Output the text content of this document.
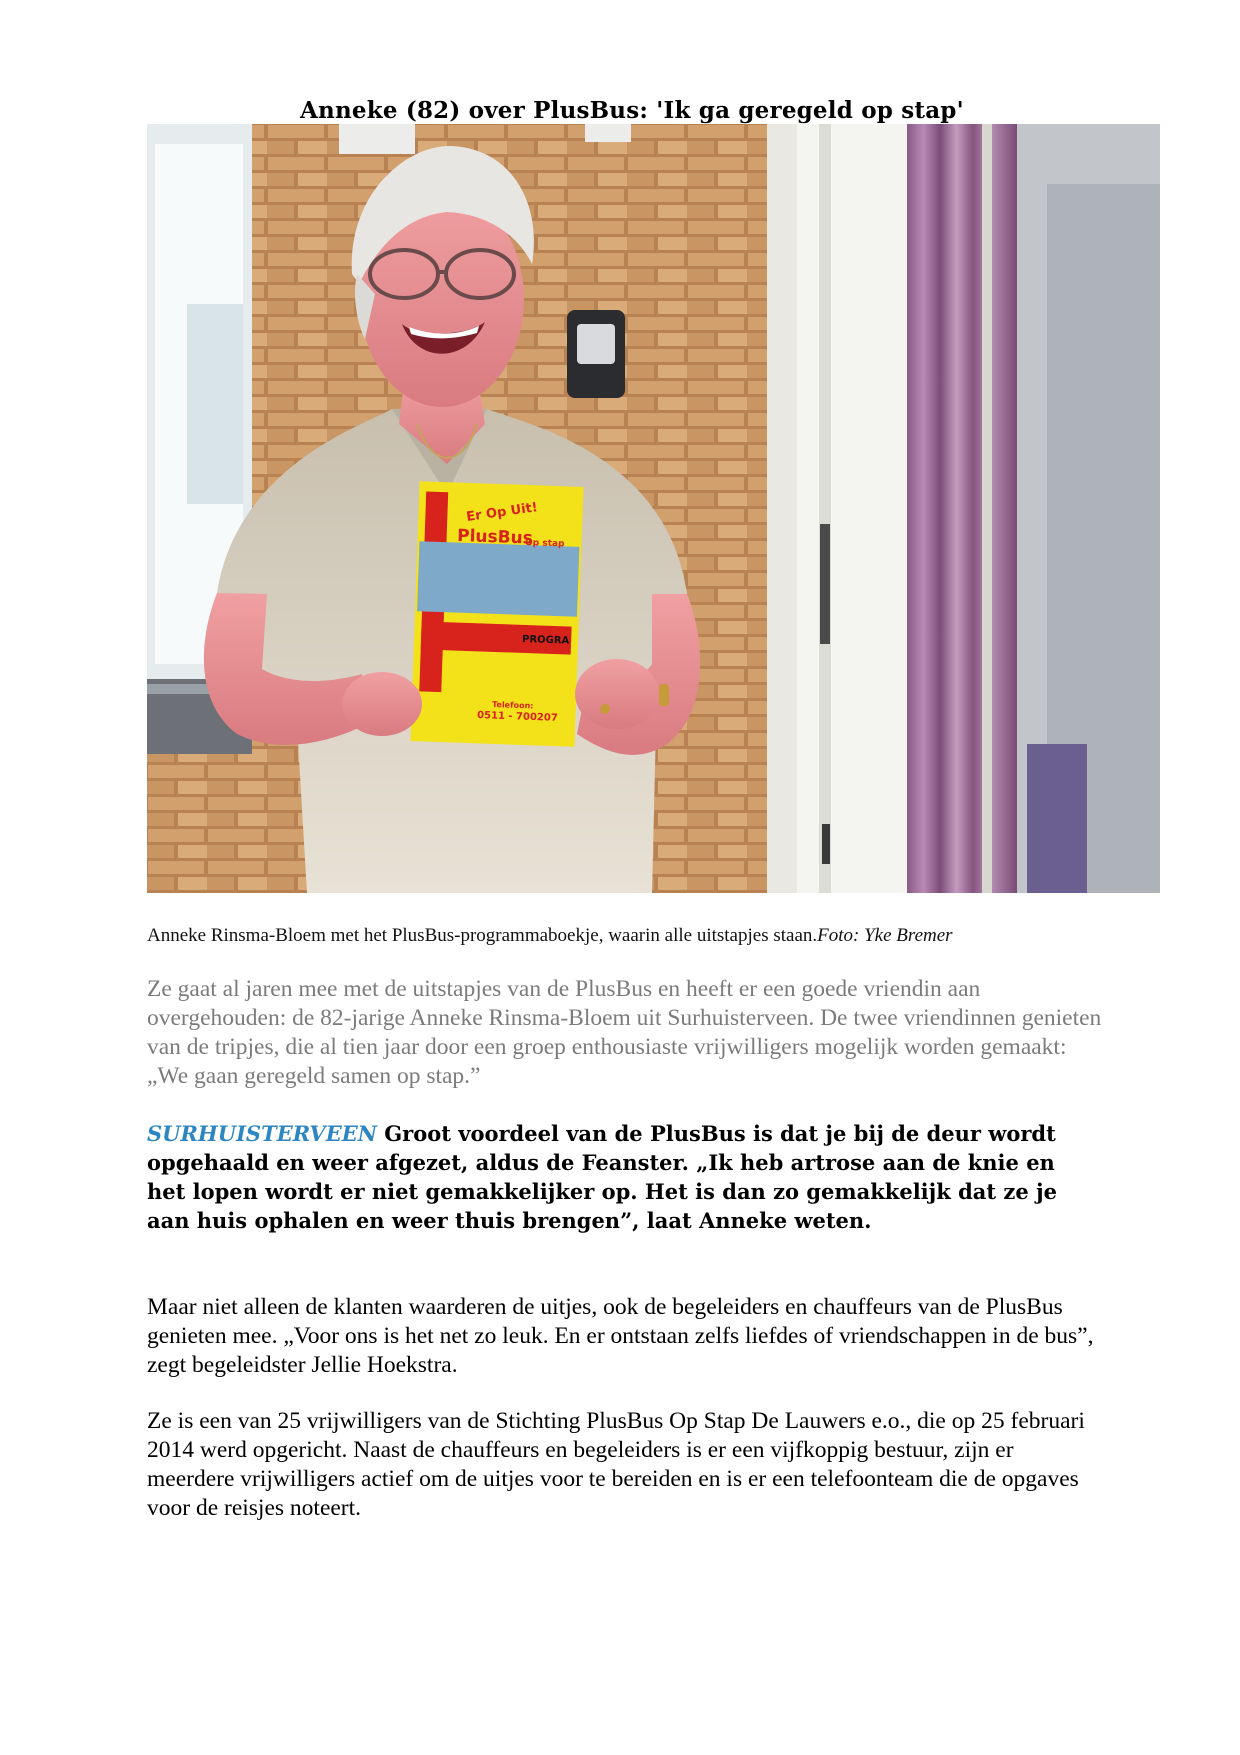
Anneke (82) over PlusBus: 'Ik ga geregeld op stap'
Er Op Uit!
PlusBus
Op stap
PROGRA
Telefoon:
0511 - 700207
Anneke Rinsma-Bloem met het PlusBus-programmaboekje, waarin alle uitstapjes staan.Foto: Yke Bremer

Ze gaat al jaren mee met de uitstapjes van de PlusBus en heeft er een goede vriendin aan overgehouden: de 82-jarige Anneke Rinsma-Bloem uit Surhuisterveen. De twee vriendinnen genieten van de tripjes, die al tien jaar door een groep enthousiaste vrijwilligers mogelijk worden gemaakt: „We gaan geregeld samen op stap.”

SURHUISTERVEEN Groot voordeel van de PlusBus is dat je bij de deur wordt opgehaald en weer afgezet, aldus de Feanster. „Ik heb artrose aan de knie en het lopen wordt er niet gemakkelijker op. Het is dan zo gemakkelijk dat ze je aan huis ophalen en weer thuis brengen”, laat Anneke weten.

Maar niet alleen de klanten waarderen de uitjes, ook de begeleiders en chauffeurs van de PlusBus genieten mee. „Voor ons is het net zo leuk. En er ontstaan zelfs liefdes of vriendschappen in de bus”, zegt begeleidster Jellie Hoekstra.

Ze is een van 25 vrijwilligers van de Stichting PlusBus Op Stap De Lauwers e.o., die op 25 februari 2014 werd opgericht. Naast de chauffeurs en begeleiders is er een vijfkoppig bestuur, zijn er meerdere vrijwilligers actief om de uitjes voor te bereiden en is er een telefoonteam die de opgaves voor de reisjes noteert.
